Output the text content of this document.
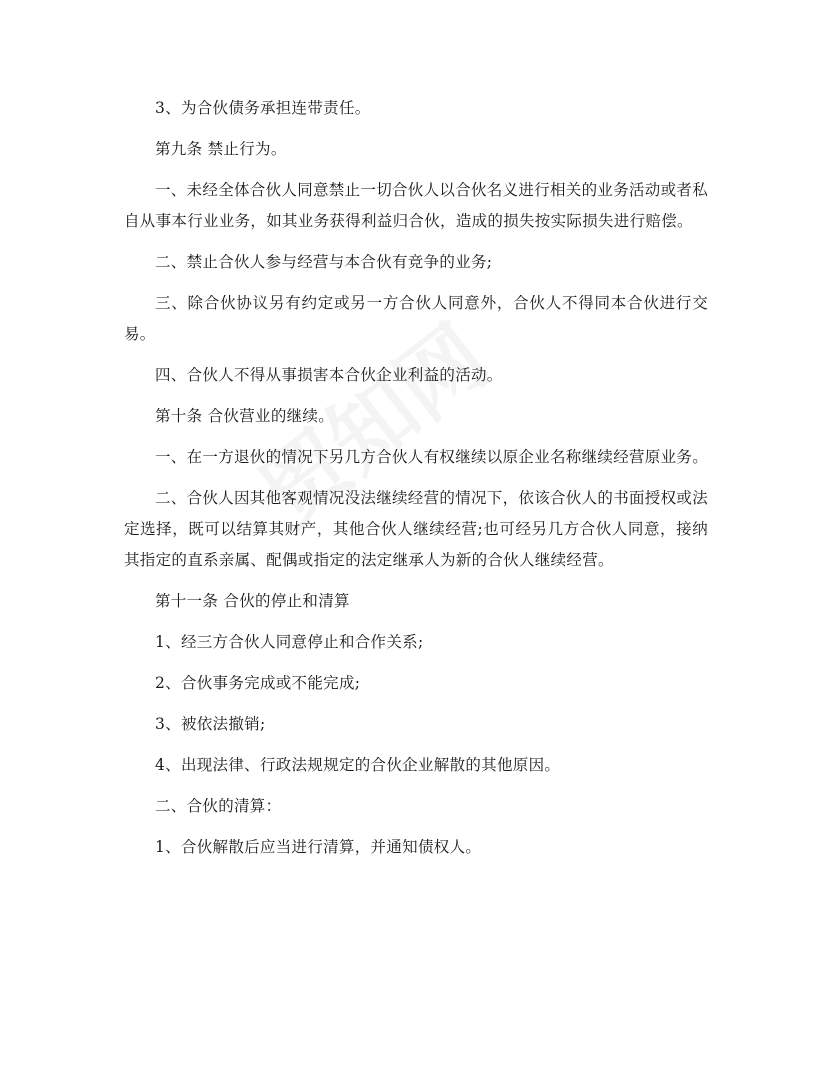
3、为合伙债务承担连带责任。

第九条 禁止行为。

一、未经全体合伙人同意禁止一切合伙人以合伙名义进行相关的业务活动或者私自从事本行业业务，如其业务获得利益归合伙，造成的损失按实际损失进行赔偿。

二、禁止合伙人参与经营与本合伙有竞争的业务;

三、除合伙协议另有约定或另一方合伙人同意外，合伙人不得同本合伙进行交易。

四、合伙人不得从事损害本合伙企业利益的活动。

第十条 合伙营业的继续。

一、在一方退伙的情况下另几方合伙人有权继续以原企业名称继续经营原业务。

二、合伙人因其他客观情况没法继续经营的情况下，依该合伙人的书面授权或法定选择，既可以结算其财产，其他合伙人继续经营;也可经另几方合伙人同意，接纳其指定的直系亲属、配偶或指定的法定继承人为新的合伙人继续经营。

第十一条 合伙的停止和清算

1、经三方合伙人同意停止和合作关系;

2、合伙事务完成或不能完成;

3、被依法撤销;

4、出现法律、行政法规规定的合伙企业解散的其他原因。

二、合伙的清算：

1、合伙解散后应当进行清算，并通知债权人。
